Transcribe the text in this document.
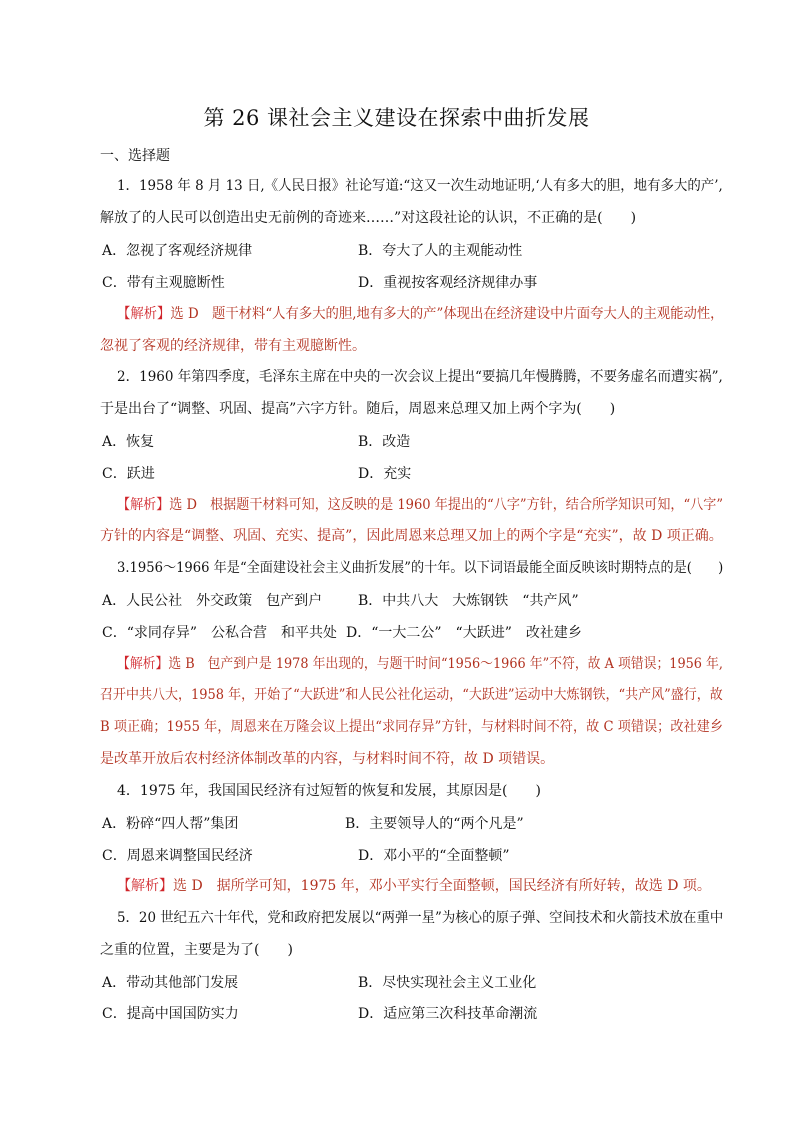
第 26 课社会主义建设在探索中曲折发展
一、选择题
1．1958 年 8 月 13 日,《人民日报》社论写道:“这又一次生动地证明,‘人有多大的胆，地有多大的产’,
解放了的人民可以创造出史无前例的奇迹来……”对这段社论的认识，不正确的是(　　)
A．忽视了客观经济规律	B．夸大了人的主观能动性
C．带有主观臆断性	D．重视按客观经济规律办事
【解析】选 D　题干材料“人有多大的胆,地有多大的产”体现出在经济建设中片面夸大人的主观能动性，
忽视了客观的经济规律，带有主观臆断性。
2．1960 年第四季度，毛泽东主席在中央的一次会议上提出“要搞几年慢腾腾，不要务虚名而遭实祸”,
于是出台了“调整、巩固、提高”六字方针。随后，周恩来总理又加上两个字为(　　)
A．恢复	B．改造
C．跃进	D．充实
【解析】选 D　根据题干材料可知，这反映的是 1960 年提出的“八字”方针，结合所学知识可知，“八字”
方针的内容是“调整、巩固、充实、提高”，因此周恩来总理又加上的两个字是“充实”，故 D 项正确。
3.1956～1966 年是“全面建设社会主义曲折发展”的十年。以下词语最能全面反映该时期特点的是(　　)
A．人民公社　外交政策　包产到户	B．中共八大　大炼钢铁　“共产风”
C．“求同存异”　公私合营　和平共处 D．“一大二公”　“大跃进”　改社建乡
【解析】选 B　包产到户是 1978 年出现的，与题干时间“1956～1966 年”不符，故 A 项错误；1956 年,
召开中共八大，1958 年，开始了“大跃进”和人民公社化运动，“大跃进”运动中大炼钢铁，“共产风”盛行，故
B 项正确；1955 年，周恩来在万隆会议上提出“求同存异”方针，与材料时间不符，故 C 项错误；改社建乡
是改革开放后农村经济体制改革的内容，与材料时间不符，故 D 项错误。
4．1975 年，我国国民经济有过短暂的恢复和发展，其原因是(　　)
A．粉碎“四人帮”集团	B．主要领导人的“两个凡是”
C．周恩来调整国民经济	D．邓小平的“全面整顿”
【解析】选 D　据所学可知，1975 年，邓小平实行全面整顿，国民经济有所好转，故选 D 项。
5．20 世纪五六十年代，党和政府把发展以“两弹一星”为核心的原子弹、空间技术和火箭技术放在重中
之重的位置，主要是为了(　　)
A．带动其他部门发展	B．尽快实现社会主义工业化
C．提高中国国防实力	D．适应第三次科技革命潮流
